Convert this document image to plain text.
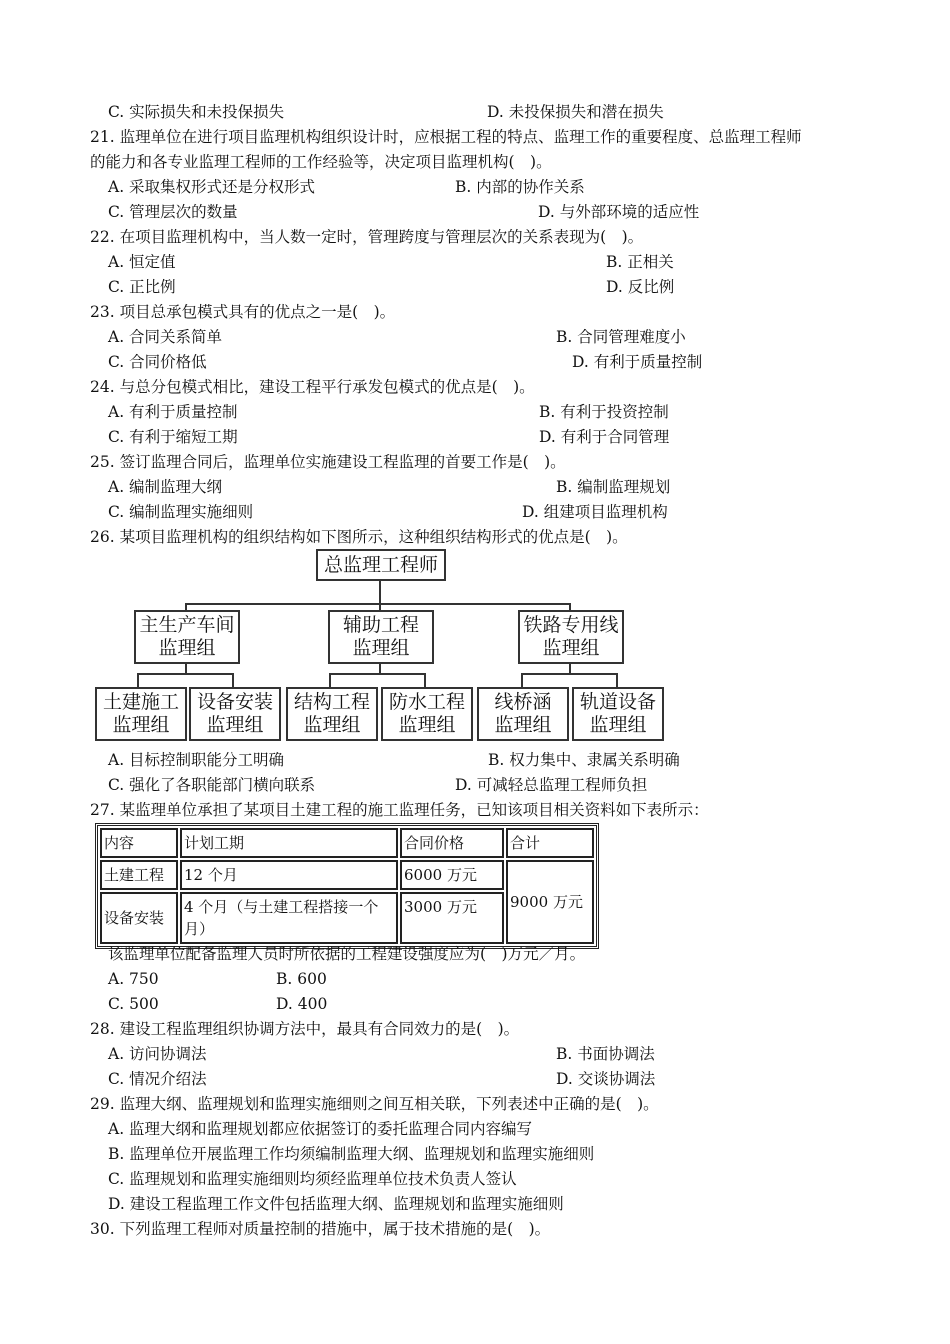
C. 实际损失和未投保损失	D. 未投保损失和潜在损失
21. 监理单位在进行项目监理机构组织设计时，应根据工程的特点、监理工作的重要程度、总监理工程师
的能力和各专业监理工程师的工作经验等，决定项目监理机构(　)。
A. 采取集权形式还是分权形式	B. 内部的协作关系
C. 管理层次的数量	D. 与外部环境的适应性
22. 在项目监理机构中，当人数一定时，管理跨度与管理层次的关系表现为(　)。
A. 恒定值	B. 正相关
C. 正比例	D. 反比例
23. 项目总承包模式具有的优点之一是(　)。
A. 合同关系简单	B. 合同管理难度小
C. 合同价格低	D. 有利于质量控制
24. 与总分包模式相比，建设工程平行承发包模式的优点是(　)。
A. 有利于质量控制	B. 有利于投资控制
C. 有利于缩短工期	D. 有利于合同管理
25. 签订监理合同后，监理单位实施建设工程监理的首要工作是(　)。
A. 编制监理大纲	B. 编制监理规划
C. 编制监理实施细则	D. 组建项目监理机构
26. 某项目监理机构的组织结构如下图所示，这种组织结构形式的优点是(　)。
总监理工程师
主生产车间
监理组
辅助工程
监理组
铁路专用线
监理组
土建施工
监理组
设备安装
监理组
结构工程
监理组
防水工程
监理组
线桥涵
监理组
轨道设备
监理组
A. 目标控制职能分工明确	B. 权力集中、隶属关系明确
C. 强化了各职能部门横向联系	D. 可减轻总监理工程师负担
27. 某监理单位承担了某项目土建工程的施工监理任务，已知该项目相关资料如下表所示：
内容	计划工期	合同价格	合计
土建工程	12 个月	6000 万元	9000 万元
设备安装	4 个月（与土建工程搭接一个
月）	3000 万元	
该监理单位配备监理人员时所依据的工程建设强度应为(　)万元／月。
A. 750	B. 600
C. 500	D. 400
28. 建设工程监理组织协调方法中，最具有合同效力的是(　)。
A. 访问协调法	B. 书面协调法
C. 情况介绍法	D. 交谈协调法
29. 监理大纲、监理规划和监理实施细则之间互相关联，下列表述中正确的是(　)。
A. 监理大纲和监理规划都应依据签订的委托监理合同内容编写
B. 监理单位开展监理工作均须编制监理大纲、监理规划和监理实施细则
C. 监理规划和监理实施细则均须经监理单位技术负责人签认
D. 建设工程监理工作文件包括监理大纲、监理规划和监理实施细则
30. 下列监理工程师对质量控制的措施中，属于技术措施的是(　)。
